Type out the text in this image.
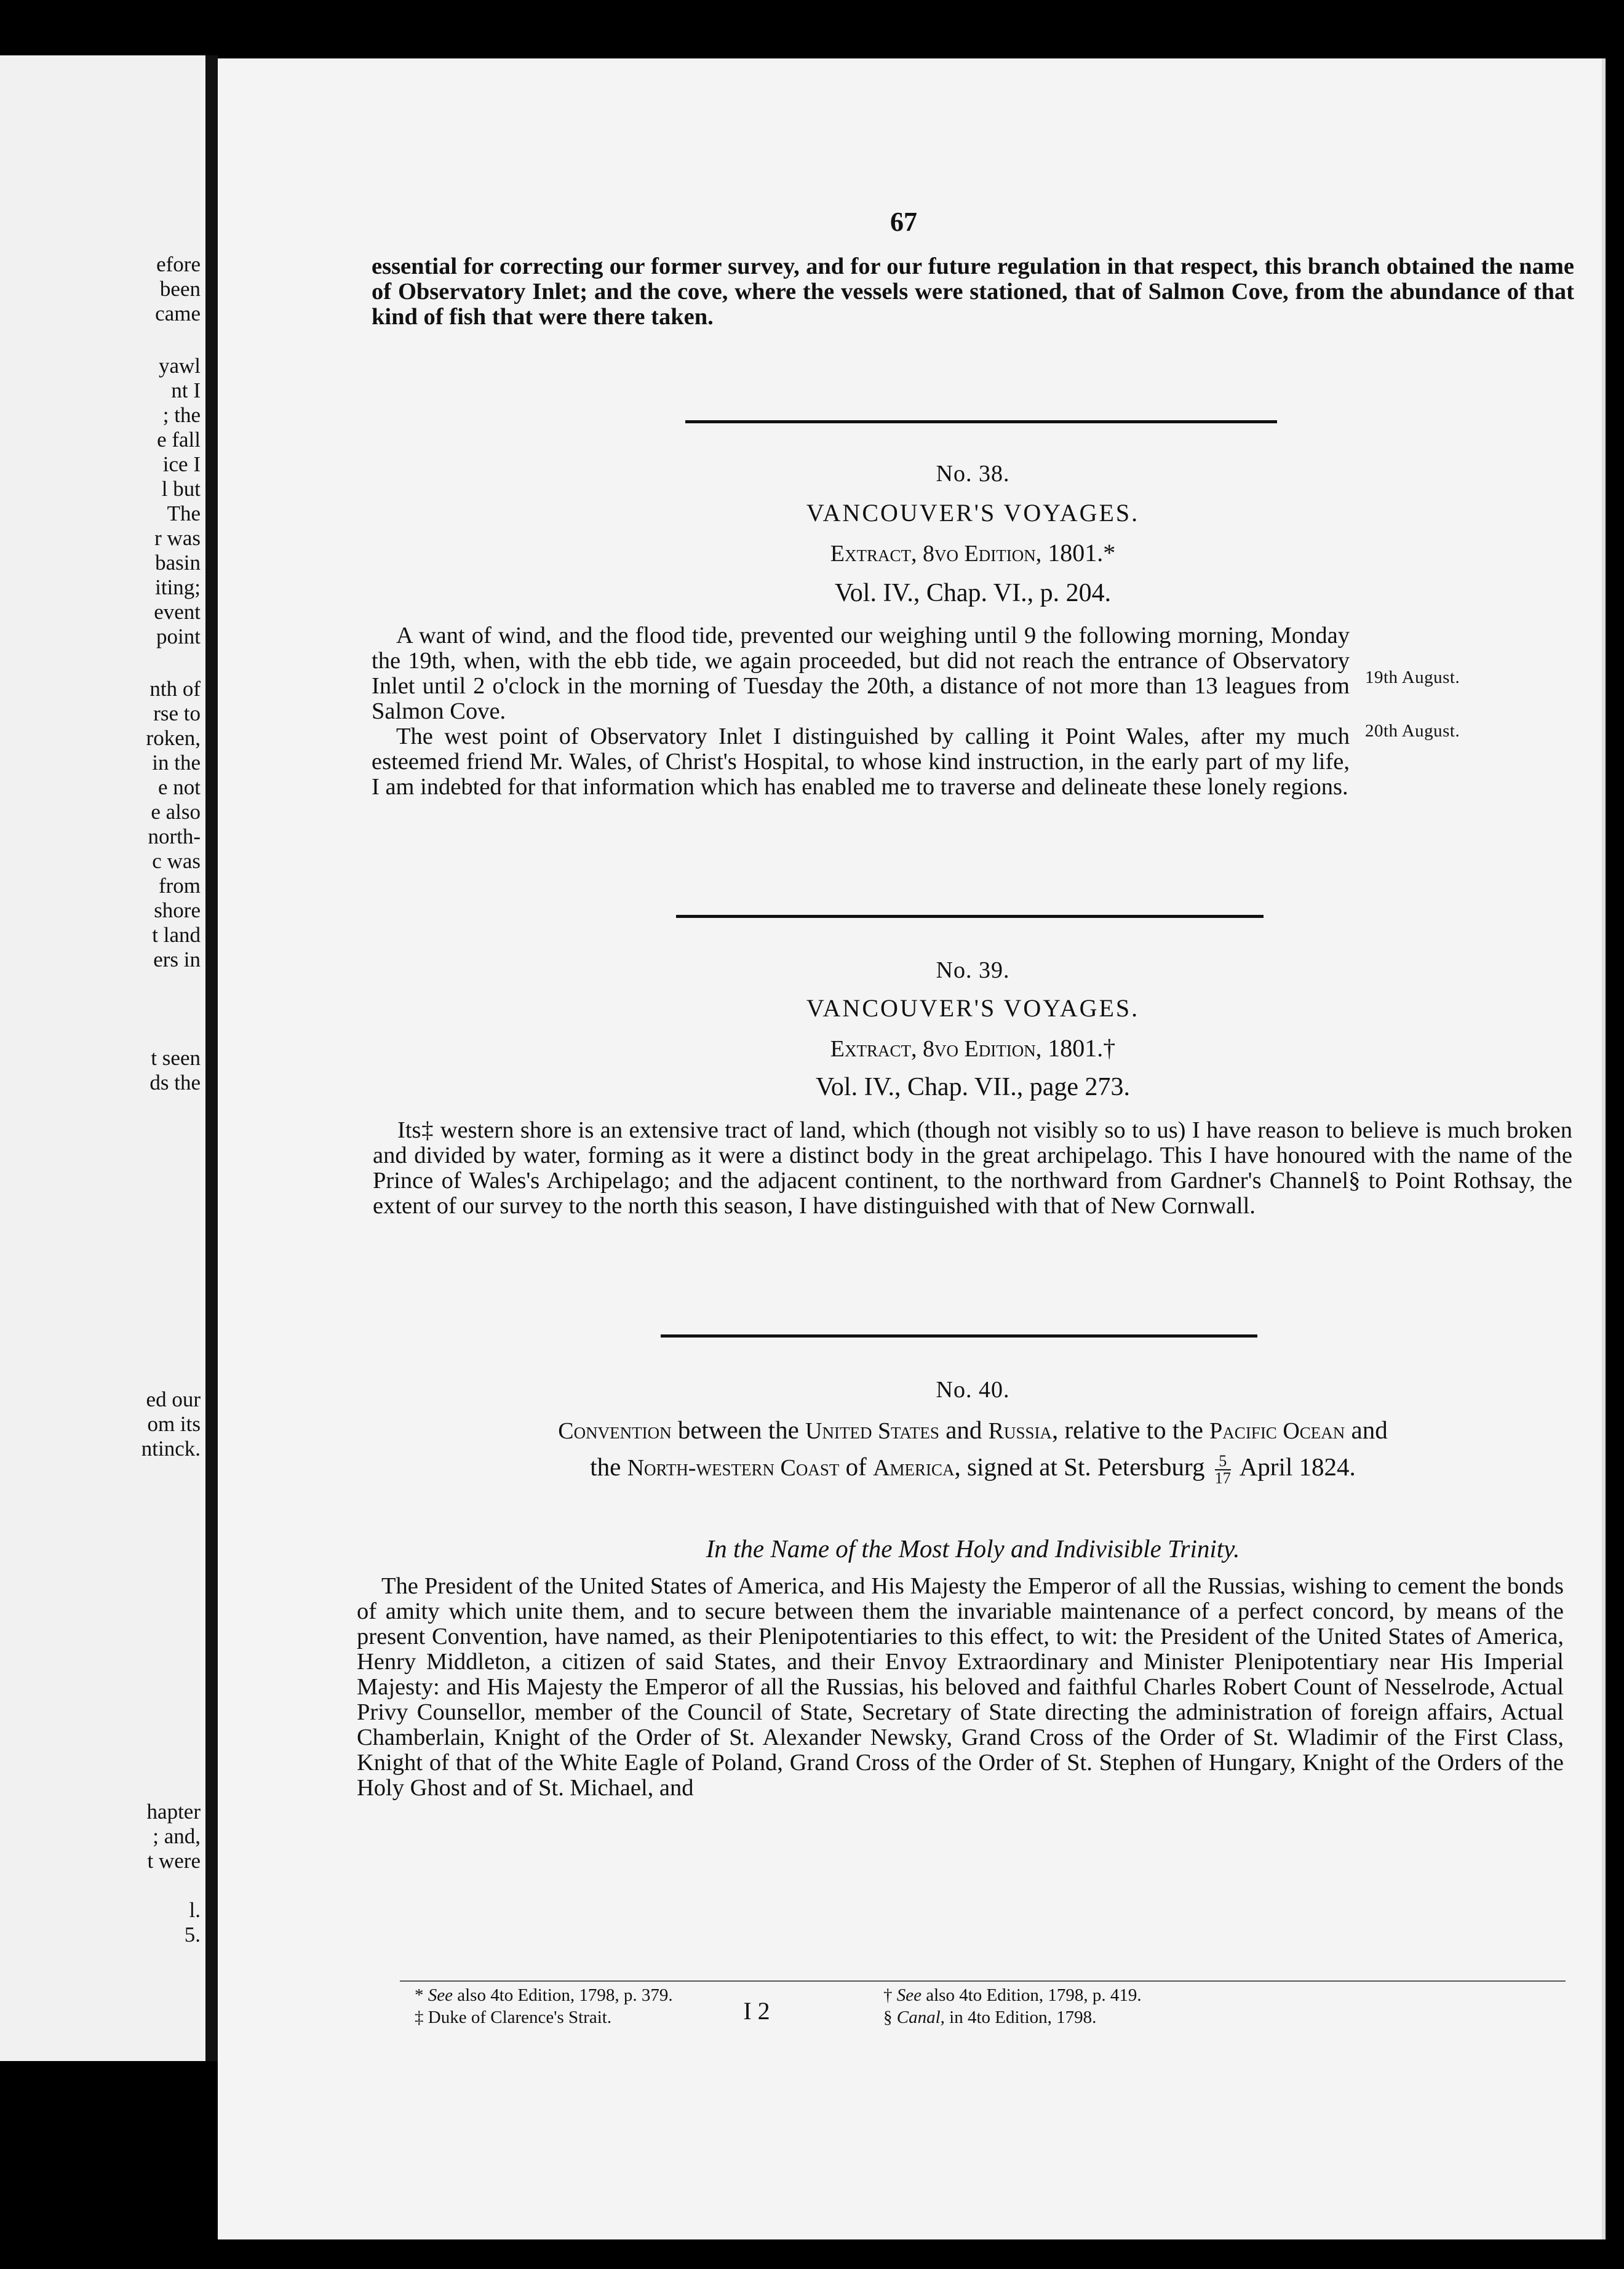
efore
been
came
yawl
nt I
; the
e fall
ice I
l but
The
r was
basin
iting;
event
point
nth of
rse to
roken,
in the
e not
e also
north-
c was
from
shore
t land
ers in
t seen
ds the
ed our
om its
ntinck.
hapter
; and,
t were
l.
5.
67

essential for correcting our former survey, and for our future regulation in that respect, this branch obtained the name of Observatory Inlet; and the cove, where the vessels were stationed, that of Salmon Cove, from the abundance of that kind of fish that were there taken.

No. 38.
VANCOUVER'S VOYAGES.
Extract, 8vo Edition, 1801.*
Vol. IV., Chap. VI., p. 204.

A want of wind, and the flood tide, prevented our weighing until 9 the following morning, Monday the 19th, when, with the ebb tide, we again proceeded, but did not reach the entrance of Observatory Inlet until 2 o'clock in the morning of Tuesday the 20th, a distance of not more than 13 leagues from Salmon Cove.

The west point of Observatory Inlet I distinguished by calling it Point Wales, after my much esteemed friend Mr. Wales, of Christ's Hospital, to whose kind instruction, in the early part of my life, I am indebted for that information which has enabled me to traverse and delineate these lonely regions.

19th August.
20th August.
No. 39.
VANCOUVER'S VOYAGES.
Extract, 8vo Edition, 1801.†
Vol. IV., Chap. VII., page 273.

Its‡ western shore is an extensive tract of land, which (though not visibly so to us) I have reason to believe is much broken and divided by water, forming as it were a distinct body in the great archipelago. This I have honoured with the name of the Prince of Wales's Archipelago; and the adjacent continent, to the northward from Gardner's Channel§ to Point Rothsay, the extent of our survey to the north this season, I have distinguished with that of New Cornwall.

No. 40.
Convention between the United States and Russia, relative to the Pacific Ocean and
the North-western Coast of America, signed at St. Petersburg $\frac{5}{17}$ April 1824.
In the Name of the Most Holy and Indivisible Trinity.

The President of the United States of America, and His Majesty the Emperor of all the Russias, wishing to cement the bonds of amity which unite them, and to secure between them the invariable maintenance of a perfect concord, by means of the present Convention, have named, as their Plenipotentiaries to this effect, to wit: the President of the United States of America, Henry Middleton, a citizen of said States, and their Envoy Extraordinary and Minister Plenipotentiary near His Imperial Majesty: and His Majesty the Emperor of all the Russias, his beloved and faithful Charles Robert Count of Nesselrode, Actual Privy Counsellor, member of the Council of State, Secretary of State directing the administration of foreign affairs, Actual Chamberlain, Knight of the Order of St. Alexander Newsky, Grand Cross of the Order of St. Wladimir of the First Class, Knight of that of the White Eagle of Poland, Grand Cross of the Order of St. Stephen of Hungary, Knight of the Orders of the Holy Ghost and of St. Michael, and

* See also 4to Edition, 1798, p. 379.
‡ Duke of Clarence's Strait.
† See also 4to Edition, 1798, p. 419.
§ Canal, in 4to Edition, 1798.
I 2
